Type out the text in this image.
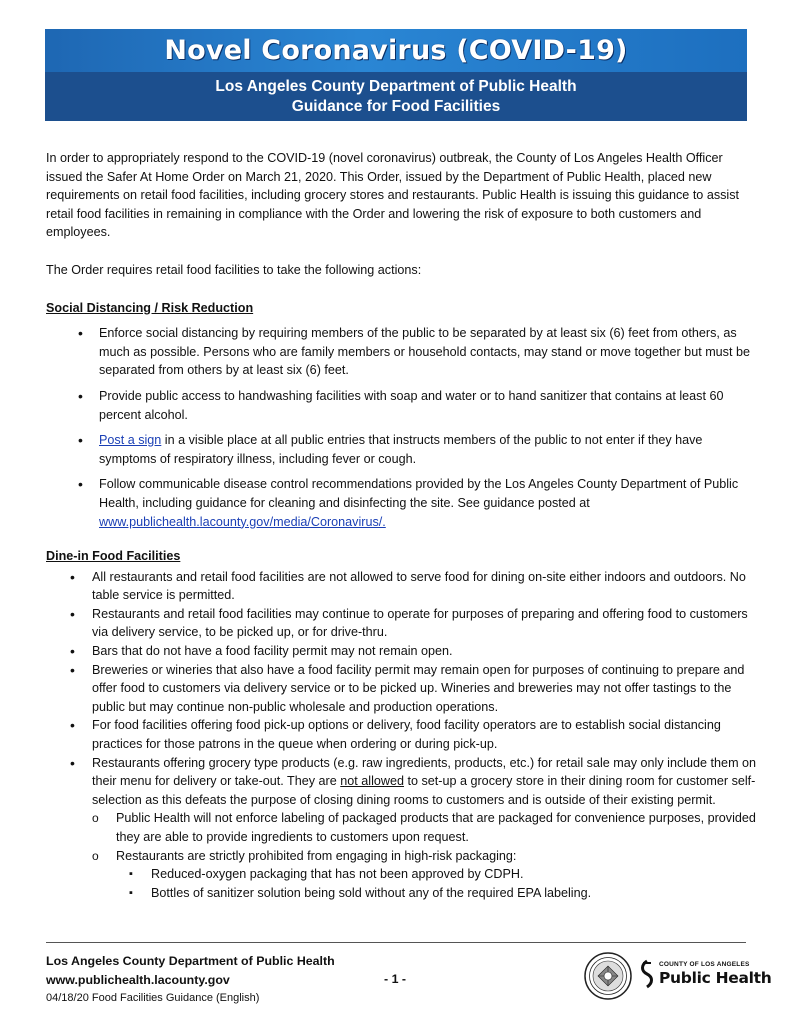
Novel Coronavirus (COVID-19)
Los Angeles County Department of Public Health
Guidance for Food Facilities

In order to appropriately respond to the COVID-19 (novel coronavirus) outbreak, the County of Los Angeles Health Officer issued the Safer At Home Order on March 21, 2020. This Order, issued by the Department of Public Health, placed new requirements on retail food facilities, including grocery stores and restaurants. Public Health is issuing this guidance to assist retail food facilities in remaining in compliance with the Order and lowering the risk of exposure to both customers and employees.

The Order requires retail food facilities to take the following actions:

Social Distancing / Risk Reduction

• Enforce social distancing by requiring members of the public to be separated by at least six (6) feet from others, as much as possible. Persons who are family members or household contacts, may stand or move together but must be separated from others by at least six (6) feet.
• Provide public access to handwashing facilities with soap and water or to hand sanitizer that contains at least 60 percent alcohol.
• Post a sign in a visible place at all public entries that instructs members of the public to not enter if they have symptoms of respiratory illness, including fever or cough.
• Follow communicable disease control recommendations provided by the Los Angeles County Department of Public Health, including guidance for cleaning and disinfecting the site. See guidance posted at www.publichealth.lacounty.gov/media/Coronavirus/.

Dine-in Food Facilities

• All restaurants and retail food facilities are not allowed to serve food for dining on-site either indoors and outdoors. No table service is permitted.
• Restaurants and retail food facilities may continue to operate for purposes of preparing and offering food to customers via delivery service, to be picked up, or for drive-thru.
• Bars that do not have a food facility permit may not remain open.
• Breweries or wineries that also have a food facility permit may remain open for purposes of continuing to prepare and offer food to customers via delivery service or to be picked up. Wineries and breweries may not offer tastings to the public but may continue non-public wholesale and production operations.
• For food facilities offering food pick-up options or delivery, food facility operators are to establish social distancing practices for those patrons in the queue when ordering or during pick-up.
• Restaurants offering grocery type products (e.g. raw ingredients, products, etc.) for retail sale may only include them on their menu for delivery or take-out. They are not allowed to set-up a grocery store in their dining room for customer self-selection as this defeats the purpose of closing dining rooms to customers and is outside of their existing permit.
o Public Health will not enforce labeling of packaged products that are packaged for convenience purposes, provided they are able to provide ingredients to customers upon request.
o Restaurants are strictly prohibited from engaging in high-risk packaging:
▪ Reduced-oxygen packaging that has not been approved by CDPH.
▪ Bottles of sanitizer solution being sold without any of the required EPA labeling.
Los Angeles County Department of Public Health
www.publichealth.lacounty.gov
04/18/20 Food Facilities Guidance (English)
- 1 -
COUNTY OF LOS ANGELES
Public Health
